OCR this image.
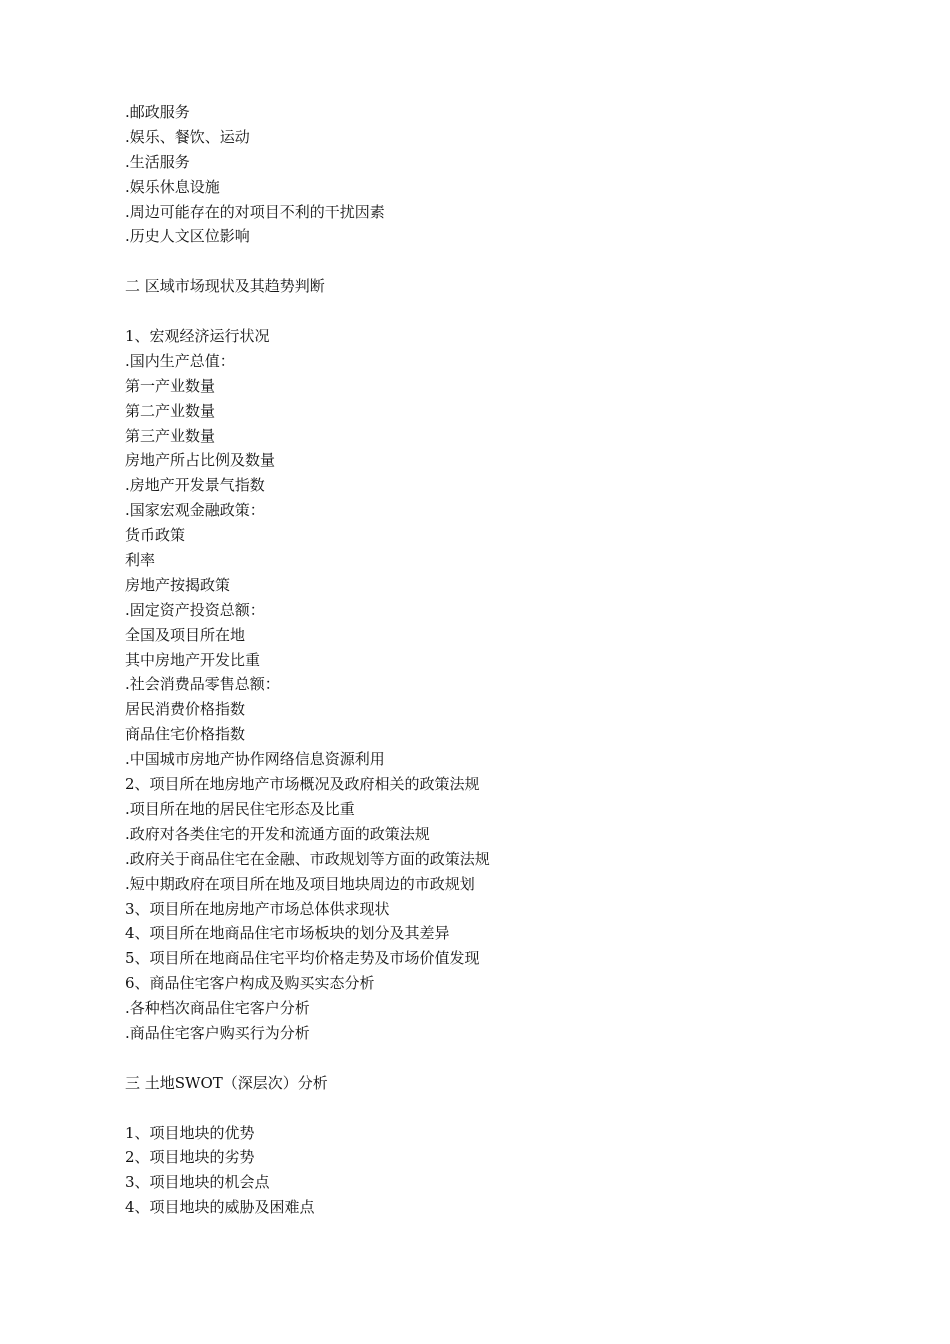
.邮政服务
.娱乐、餐饮、运动
.生活服务
.娱乐休息设施
.周边可能存在的对项目不利的干扰因素
.历史人文区位影响
二 区域市场现状及其趋势判断
1、宏观经济运行状况
.国内生产总值：
第一产业数量
第二产业数量
第三产业数量
房地产所占比例及数量
.房地产开发景气指数
.国家宏观金融政策：
货币政策
利率
房地产按揭政策
.固定资产投资总额：
全国及项目所在地
其中房地产开发比重
.社会消费品零售总额：
居民消费价格指数
商品住宅价格指数
.中国城市房地产协作网络信息资源利用
2、项目所在地房地产市场概况及政府相关的政策法规
.项目所在地的居民住宅形态及比重
.政府对各类住宅的开发和流通方面的政策法规
.政府关于商品住宅在金融、市政规划等方面的政策法规
.短中期政府在项目所在地及项目地块周边的市政规划
3、项目所在地房地产市场总体供求现状
4、项目所在地商品住宅市场板块的划分及其差异
5、项目所在地商品住宅平均价格走势及市场价值发现
6、商品住宅客户构成及购买实态分析
.各种档次商品住宅客户分析
.商品住宅客户购买行为分析
三 土地SWOT（深层次）分析
1、项目地块的优势
2、项目地块的劣势
3、项目地块的机会点
4、项目地块的威胁及困难点
